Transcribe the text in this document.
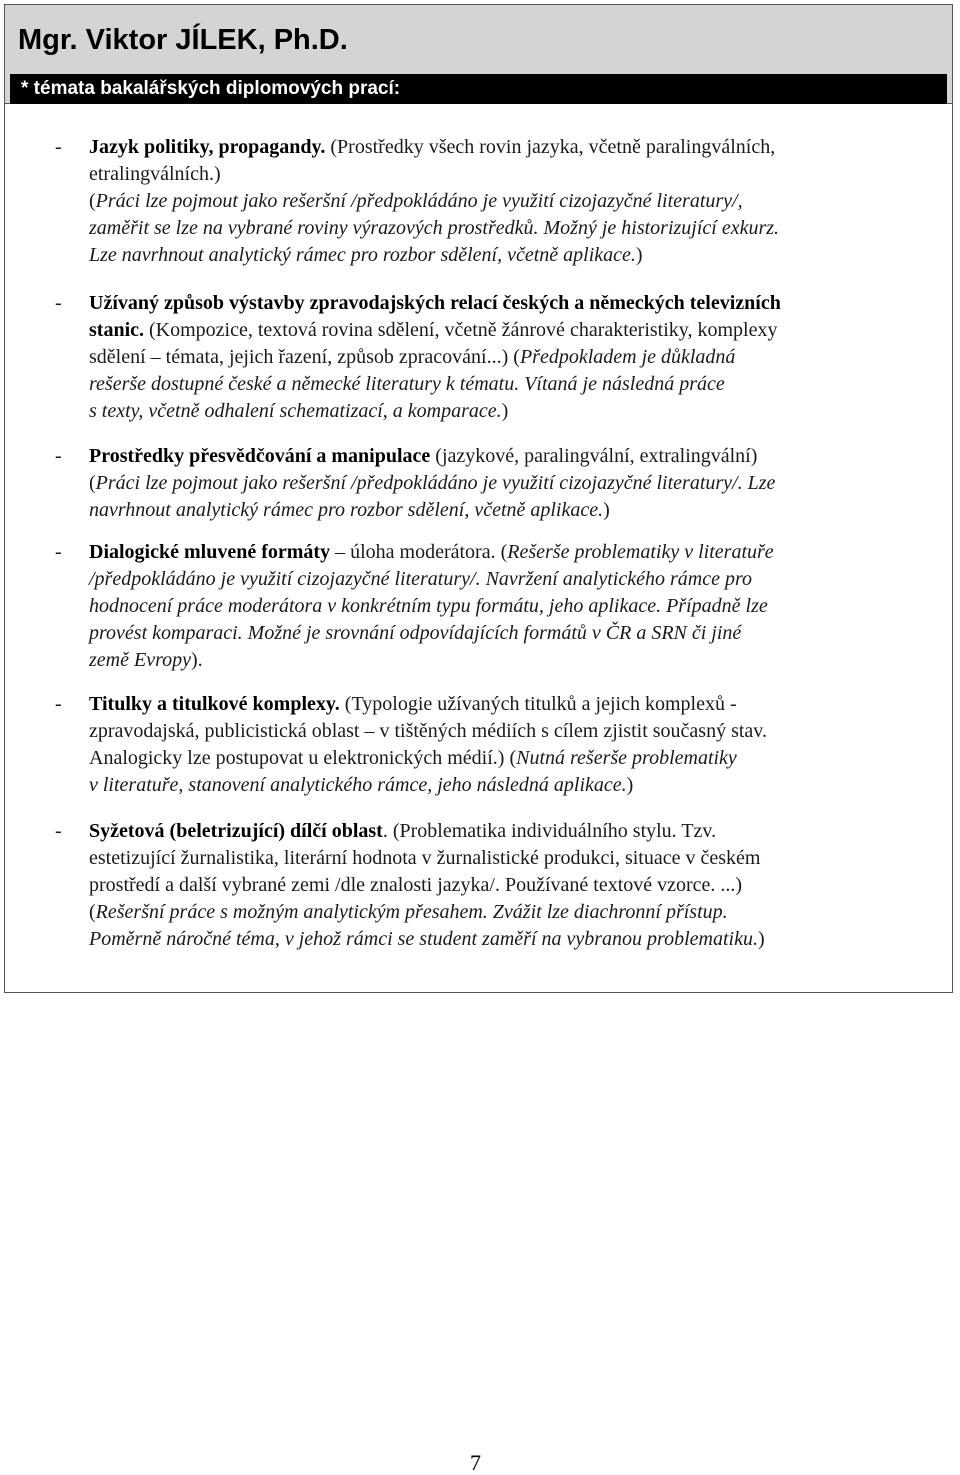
Mgr. Viktor JÍLEK, Ph.D.
* témata bakalářských diplomových prací:
- Jazyk politiky, propagandy. (Prostředky všech rovin jazyka, včetně paralingválních,
etralingválních.)
(Práci lze pojmout jako rešeršní /předpokládáno je využití cizojazyčné literatury/,
zaměřit se lze na vybrané roviny výrazových prostředků. Možný je historizující exkurz.
Lze navrhnout analytický rámec pro rozbor sdělení, včetně aplikace.)
- Užívaný způsob výstavby zpravodajských relací českých a německých televizních
stanic. (Kompozice, textová rovina sdělení, včetně žánrové charakteristiky, komplexy
sdělení – témata, jejich řazení, způsob zpracování...) (Předpokladem je důkladná
rešerše dostupné české a německé literatury k tématu. Vítaná je následná práce
s texty, včetně odhalení schematizací, a komparace.)
- Prostředky přesvědčování a manipulace (jazykové, paralingvální, extralingvální)
(Práci lze pojmout jako rešeršní /předpokládáno je využití cizojazyčné literatury/. Lze
navrhnout analytický rámec pro rozbor sdělení, včetně aplikace.)
- Dialogické mluvené formáty – úloha moderátora. (Rešerše problematiky v literatuře
/předpokládáno je využití cizojazyčné literatury/. Navržení analytického rámce pro
hodnocení práce moderátora v konkrétním typu formátu, jeho aplikace. Případně lze
provést komparaci. Možné je srovnání odpovídajících formátů v ČR a SRN či jiné
země Evropy).
- Titulky a titulkové komplexy. (Typologie užívaných titulků a jejich komplexů -
zpravodajská, publicistická oblast – v tištěných médiích s cílem zjistit současný stav.
Analogicky lze postupovat u elektronických médií.) (Nutná rešerše problematiky
v literatuře, stanovení analytického rámce, jeho následná aplikace.)
- Syžetová (beletrizující) dílčí oblast. (Problematika individuálního stylu. Tzv.
estetizující žurnalistika, literární hodnota v žurnalistické produkci, situace v českém
prostředí a další vybrané zemi /dle znalosti jazyka/. Používané textové vzorce. ...)
(Rešeršní práce s možným analytickým přesahem. Zvážit lze diachronní přístup.
Poměrně náročné téma, v jehož rámci se student zaměří na vybranou problematiku.)
7
